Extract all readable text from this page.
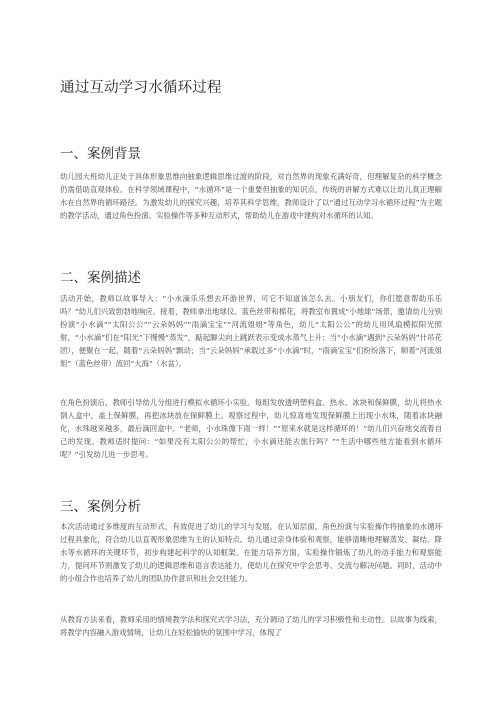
通过互动学习水循环过程
一、案例背景

幼儿园大班幼儿正处于具体形象思维向抽象逻辑思维过渡的阶段，对自然界的现象充满好奇，但理解复杂的科学概念仍需借助直观体验。在科学领域课程中，“水循环”是一个重要但抽象的知识点，传统的讲解方式难以让幼儿真正理解水在自然界的循环路径。为激发幼儿的探究兴趣，培养其科学思维，教师设计了以“通过互动学习水循环过程”为主题的教学活动，通过角色扮演、实验操作等多种互动形式，帮助幼儿在游戏中建构对水循环的认知。

二、案例描述

活动开始，教师以故事导入：“小水滴乐乐想去环游世界，可它不知道该怎么去。小朋友们，你们愿意帮助乐乐吗？”幼儿们兴致勃勃地响应。接着，教师拿出地球仪、蓝色丝带和棉花，将教室布置成“小地球”场景，邀请幼儿分别扮演“小水滴”“太阳公公”“云朵妈妈”“雨滴宝宝”“河流姐姐”等角色，幼儿“太阳公公”的幼儿用风扇模拟阳光照射，“小水滴”们在“阳光”下慢慢“蒸发”，踮起脚尖向上跳跃表示变成水蒸气上升；当“小水滴”遇到“云朵妈妈”什吊花团），便聚在一起，随着“云朵妈妈”飘动；当“云朵妈妈”承载过多“小水滴”时，“雨滴宝宝”们纷纷落下，顺着“河流姐姐”（蓝色丝带）流回“大海”（水盆）。

在角色扮演后，教师引导幼儿分组进行模拟水循环小实验。每组发放透明塑料盒、热水、冰块和保鲜膜，幼儿将热水倒入盒中，盖上保鲜膜，再把冰块放在保鲜膜上。观察过程中，幼儿惊喜地发现保鲜膜上出现小水珠，随着冰块融化，水珠越来越多，最后滴回盒中。“老师，小水珠像下雨一样！”“原来水就是这样循环的！”幼儿们兴奋地交流着自己的发现。教师适时提问：“如果没有太阳公公的帮忙，小水滴还能去旅行吗？”“生活中哪些地方能看到水循环呢？”引发幼儿进一步思考。

三、案例分析

本次活动通过多维度的互动形式，有效促进了幼儿的学习与发展。在认知层面，角色扮演与实验操作将抽象的水循环过程具象化，符合幼儿以直观形象思维为主的认知特点。幼儿通过亲身体验和观察，能够清晰地理解蒸发、凝结、降水等水循环的关键环节，初步构建起科学的认知框架。在能力培养方面，实验操作锻炼了幼儿的动手能力和观察能力，提问环节则激发了幼儿的逻辑思维和语言表达能力，使幼儿在探究中学会思考、交流与解决问题。同时，活动中的小组合作也培养了幼儿的团队协作意识和社会交往能力。

从教育方法来看，教师采用的情境教学法和探究式学习法，充分调动了幼儿的学习积极性和主动性。以故事为线索，将教学内容融入游戏情境，让幼儿在轻松愉快的氛围中学习，体现了
